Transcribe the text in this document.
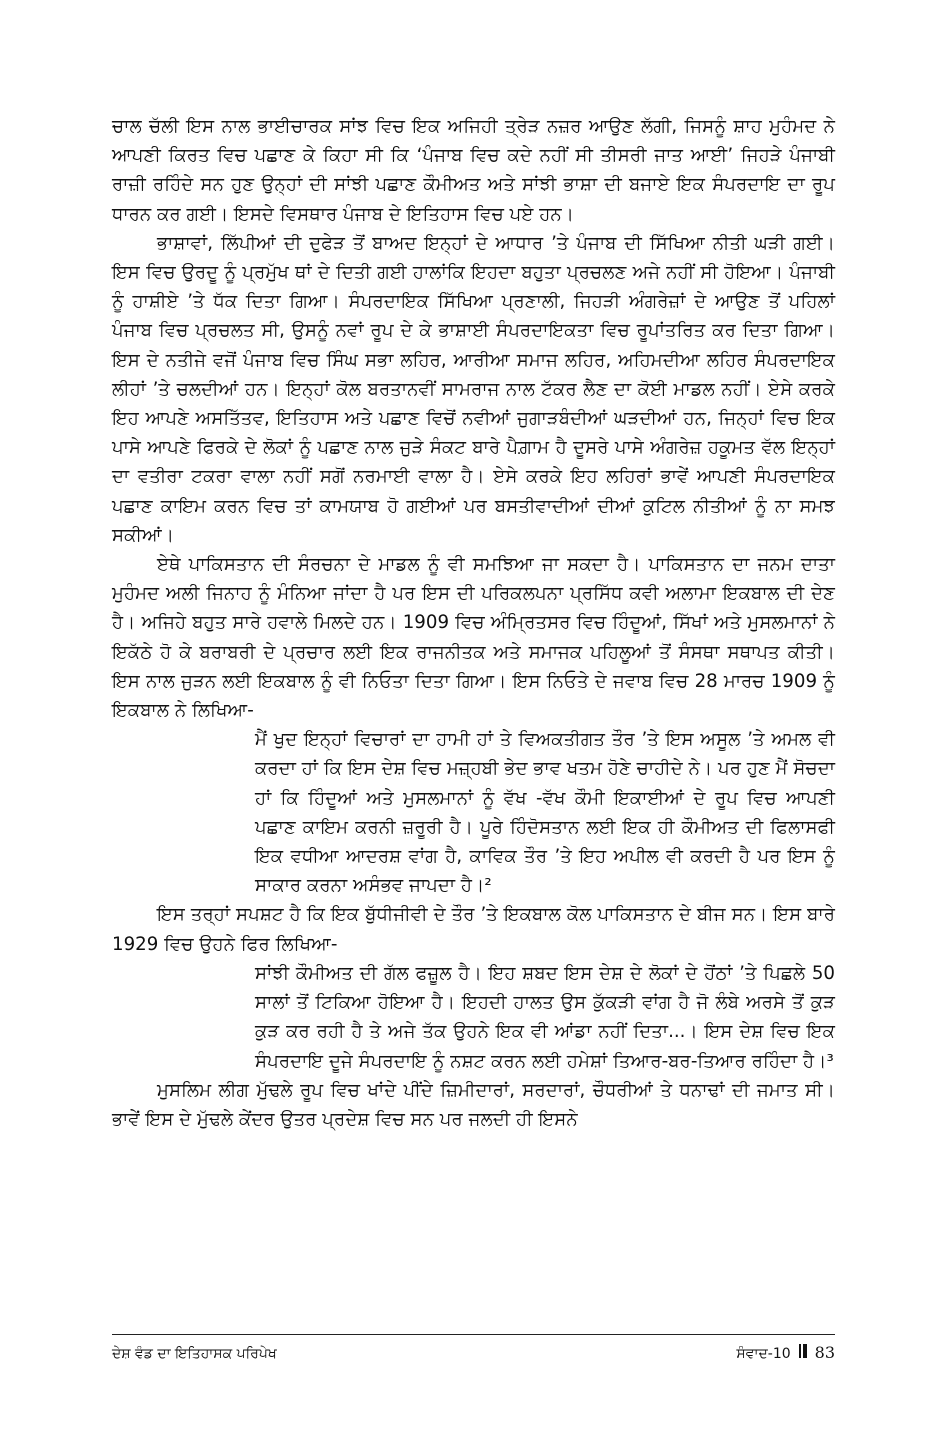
ਚਾਲ ਚੱਲੀ ਇਸ ਨਾਲ ਭਾਈਚਾਰਕ ਸਾਂਝ ਵਿਚ ਇਕ ਅਜਿਹੀ ਤ੍ਰੇੜ ਨਜ਼ਰ ਆਉਣ ਲੱਗੀ, ਜਿਸਨੂੰ ਸ਼ਾਹ ਮੁਹੰਮਦ ਨੇ ਆਪਣੀ ਕਿਰਤ ਵਿਚ ਪਛਾਣ ਕੇ ਕਿਹਾ ਸੀ ਕਿ ‘ਪੰਜਾਬ ਵਿਚ ਕਦੇ ਨਹੀਂ ਸੀ ਤੀਸਰੀ ਜਾਤ ਆਈ’ ਜਿਹੜੇ ਪੰਜਾਬੀ ਰਾਜ਼ੀ ਰਹਿੰਦੇ ਸਨ ਹੁਣ ਉਨ੍ਹਾਂ ਦੀ ਸਾਂਝੀ ਪਛਾਣ ਕੌਮੀਅਤ ਅਤੇ ਸਾਂਝੀ ਭਾਸ਼ਾ ਦੀ ਬਜਾਏ ਇਕ ਸੰਪਰਦਾਇ ਦਾ ਰੂਪ ਧਾਰਨ ਕਰ ਗਈ। ਇਸਦੇ ਵਿਸਥਾਰ ਪੰਜਾਬ ਦੇ ਇਤਿਹਾਸ ਵਿਚ ਪਏ ਹਨ।

ਭਾਸ਼ਾਵਾਂ, ਲਿੱਪੀਆਂ ਦੀ ਦੁਫੇੜ ਤੋਂ ਬਾਅਦ ਇਨ੍ਹਾਂ ਦੇ ਆਧਾਰ ’ਤੇ ਪੰਜਾਬ ਦੀ ਸਿੱਖਿਆ ਨੀਤੀ ਘੜੀ ਗਈ। ਇਸ ਵਿਚ ਉਰਦੂ ਨੂੰ ਪ੍ਰਮੁੱਖ ਥਾਂ ਦੇ ਦਿਤੀ ਗਈ ਹਾਲਾਂਕਿ ਇਹਦਾ ਬਹੁਤਾ ਪ੍ਰਚਲਣ ਅਜੇ ਨਹੀਂ ਸੀ ਹੋਇਆ। ਪੰਜਾਬੀ ਨੂੰ ਹਾਸ਼ੀਏ ’ਤੇ ਧੱਕ ਦਿਤਾ ਗਿਆ। ਸੰਪਰਦਾਇਕ ਸਿੱਖਿਆ ਪ੍ਰਣਾਲੀ, ਜਿਹੜੀ ਅੰਗਰੇਜ਼ਾਂ ਦੇ ਆਉਣ ਤੋਂ ਪਹਿਲਾਂ ਪੰਜਾਬ ਵਿਚ ਪ੍ਰਚਲਤ ਸੀ, ਉਸਨੂੰ ਨਵਾਂ ਰੂਪ ਦੇ ਕੇ ਭਾਸ਼ਾਈ ਸੰਪਰਦਾਇਕਤਾ ਵਿਚ ਰੂਪਾਂਤਰਿਤ ਕਰ ਦਿਤਾ ਗਿਆ। ਇਸ ਦੇ ਨਤੀਜੇ ਵਜੋਂ ਪੰਜਾਬ ਵਿਚ ਸਿੰਘ ਸਭਾ ਲਹਿਰ, ਆਰੀਆ ਸਮਾਜ ਲਹਿਰ, ਅਹਿਮਦੀਆ ਲਹਿਰ ਸੰਪਰਦਾਇਕ ਲੀਹਾਂ ’ਤੇ ਚਲਦੀਆਂ ਹਨ। ਇਨ੍ਹਾਂ ਕੋਲ ਬਰਤਾਨਵੀਂ ਸਾਮਰਾਜ ਨਾਲ ਟੱਕਰ ਲੈਣ ਦਾ ਕੋਈ ਮਾਡਲ ਨਹੀਂ। ਏਸੇ ਕਰਕੇ ਇਹ ਆਪਣੇ ਅਸਤਿੱਤਵ, ਇਤਿਹਾਸ ਅਤੇ ਪਛਾਣ ਵਿਚੋਂ ਨਵੀਆਂ ਜੁਗਾੜਬੰਦੀਆਂ ਘੜਦੀਆਂ ਹਨ, ਜਿਨ੍ਹਾਂ ਵਿਚ ਇਕ ਪਾਸੇ ਆਪਣੇ ਫਿਰਕੇ ਦੇ ਲੋਕਾਂ ਨੂੰ ਪਛਾਣ ਨਾਲ ਜੁੜੇ ਸੰਕਟ ਬਾਰੇ ਪੈਗ਼ਾਮ ਹੈ ਦੂਸਰੇ ਪਾਸੇ ਅੰਗਰੇਜ਼ ਹਕੂਮਤ ਵੱਲ ਇਨ੍ਹਾਂ ਦਾ ਵਤੀਰਾ ਟਕਰਾ ਵਾਲਾ ਨਹੀਂ ਸਗੋਂ ਨਰਮਾਈ ਵਾਲਾ ਹੈ। ਏਸੇ ਕਰਕੇ ਇਹ ਲਹਿਰਾਂ ਭਾਵੇਂ ਆਪਣੀ ਸੰਪਰਦਾਇਕ ਪਛਾਣ ਕਾਇਮ ਕਰਨ ਵਿਚ ਤਾਂ ਕਾਮਯਾਬ ਹੋ ਗਈਆਂ ਪਰ ਬਸਤੀਵਾਦੀਆਂ ਦੀਆਂ ਕੁਟਿਲ ਨੀਤੀਆਂ ਨੂੰ ਨਾ ਸਮਝ ਸਕੀਆਂ।

ਏਥੇ ਪਾਕਿਸਤਾਨ ਦੀ ਸੰਰਚਨਾ ਦੇ ਮਾਡਲ ਨੂੰ ਵੀ ਸਮਝਿਆ ਜਾ ਸਕਦਾ ਹੈ। ਪਾਕਿਸਤਾਨ ਦਾ ਜਨਮ ਦਾਤਾ ਮੁਹੰਮਦ ਅਲੀ ਜਿਨਾਹ ਨੂੰ ਮੰਨਿਆ ਜਾਂਦਾ ਹੈ ਪਰ ਇਸ ਦੀ ਪਰਿਕਲਪਨਾ ਪ੍ਰਸਿੱਧ ਕਵੀ ਅਲਾਮਾ ਇਕਬਾਲ ਦੀ ਦੇਣ ਹੈ। ਅਜਿਹੇ ਬਹੁਤ ਸਾਰੇ ਹਵਾਲੇ ਮਿਲਦੇ ਹਨ। 1909 ਵਿਚ ਅੰਮ੍ਰਿਤਸਰ ਵਿਚ ਹਿੰਦੂਆਂ, ਸਿੱਖਾਂ ਅਤੇ ਮੁਸਲਮਾਨਾਂ ਨੇ ਇਕੱਠੇ ਹੋ ਕੇ ਬਰਾਬਰੀ ਦੇ ਪ੍ਰਚਾਰ ਲਈ ਇਕ ਰਾਜਨੀਤਕ ਅਤੇ ਸਮਾਜਕ ਪਹਿਲੂਆਂ ਤੋਂ ਸੰਸਥਾ ਸਥਾਪਤ ਕੀਤੀ। ਇਸ ਨਾਲ ਜੁੜਨ ਲਈ ਇਕਬਾਲ ਨੂੰ ਵੀ ਨਿਓਤਾ ਦਿਤਾ ਗਿਆ। ਇਸ ਨਿਓਤੇ ਦੇ ਜਵਾਬ ਵਿਚ 28 ਮਾਰਚ 1909 ਨੂੰ ਇਕਬਾਲ ਨੇ ਲਿਖਿਆ-

ਮੈਂ ਖੁਦ ਇਨ੍ਹਾਂ ਵਿਚਾਰਾਂ ਦਾ ਹਾਮੀ ਹਾਂ ਤੇ ਵਿਅਕਤੀਗਤ ਤੌਰ ’ਤੇ ਇਸ ਅਸੂਲ ’ਤੇ ਅਮਲ ਵੀ ਕਰਦਾ ਹਾਂ ਕਿ ਇਸ ਦੇਸ਼ ਵਿਚ ਮਜ਼੍ਹਬੀ ਭੇਦ ਭਾਵ ਖਤਮ ਹੋਣੇ ਚਾਹੀਦੇ ਨੇ। ਪਰ ਹੁਣ ਮੈਂ ਸੋਚਦਾ ਹਾਂ ਕਿ ਹਿੰਦੂਆਂ ਅਤੇ ਮੁਸਲਮਾਨਾਂ ਨੂੰ ਵੱਖ -ਵੱਖ ਕੌਮੀ ਇਕਾਈਆਂ ਦੇ ਰੂਪ ਵਿਚ ਆਪਣੀ ਪਛਾਣ ਕਾਇਮ ਕਰਨੀ ਜ਼ਰੂਰੀ ਹੈ। ਪੂਰੇ ਹਿੰਦੋਸਤਾਨ ਲਈ ਇਕ ਹੀ ਕੌਮੀਅਤ ਦੀ ਫਿਲਾਸਫੀ ਇਕ ਵਧੀਆ ਆਦਰਸ਼ ਵਾਂਗ ਹੈ, ਕਾਵਿਕ ਤੌਰ ’ਤੇ ਇਹ ਅਪੀਲ ਵੀ ਕਰਦੀ ਹੈ ਪਰ ਇਸ ਨੂੰ ਸਾਕਾਰ ਕਰਨਾ ਅਸੰਭਵ ਜਾਪਦਾ ਹੈ।²

ਇਸ ਤਰ੍ਹਾਂ ਸਪਸ਼ਟ ਹੈ ਕਿ ਇਕ ਬੁੱਧੀਜੀਵੀ ਦੇ ਤੌਰ ’ਤੇ ਇਕਬਾਲ ਕੋਲ ਪਾਕਿਸਤਾਨ ਦੇ ਬੀਜ ਸਨ। ਇਸ ਬਾਰੇ 1929 ਵਿਚ ਉਹਨੇ ਫਿਰ ਲਿਖਿਆ-

ਸਾਂਝੀ ਕੌਮੀਅਤ ਦੀ ਗੱਲ ਫਜ਼ੂਲ ਹੈ। ਇਹ ਸ਼ਬਦ ਇਸ ਦੇਸ਼ ਦੇ ਲੋਕਾਂ ਦੇ ਹੋਂਠਾਂ ’ਤੇ ਪਿਛਲੇ 50 ਸਾਲਾਂ ਤੋਂ ਟਿਕਿਆ ਹੋਇਆ ਹੈ। ਇਹਦੀ ਹਾਲਤ ਉਸ ਕੁੱਕੜੀ ਵਾਂਗ ਹੈ ਜੋ ਲੰਬੇ ਅਰਸੇ ਤੋਂ ਕੁੜ ਕੁੜ ਕਰ ਰਹੀ ਹੈ ਤੇ ਅਜੇ ਤੱਕ ਉਹਨੇ ਇਕ ਵੀ ਆਂਡਾ ਨਹੀਂ ਦਿਤਾ...। ਇਸ ਦੇਸ਼ ਵਿਚ ਇਕ ਸੰਪਰਦਾਇ ਦੂਜੇ ਸੰਪਰਦਾਇ ਨੂੰ ਨਸ਼ਟ ਕਰਨ ਲਈ ਹਮੇਸ਼ਾਂ ਤਿਆਰ-ਬਰ-ਤਿਆਰ ਰਹਿੰਦਾ ਹੈ।³

ਮੁਸਲਿਮ ਲੀਗ ਮੁੱਢਲੇ ਰੂਪ ਵਿਚ ਖਾਂਦੇ ਪੀਂਦੇ ਜ਼ਿਮੀਦਾਰਾਂ, ਸਰਦਾਰਾਂ, ਚੌਧਰੀਆਂ ਤੇ ਧਨਾਢਾਂ ਦੀ ਜਮਾਤ ਸੀ। ਭਾਵੇਂ ਇਸ ਦੇ ਮੁੱਢਲੇ ਕੇਂਦਰ ਉਤਰ ਪ੍ਰਦੇਸ਼ ਵਿਚ ਸਨ ਪਰ ਜਲਦੀ ਹੀ ਇਸਨੇ

ਦੇਸ਼ ਵੰਡ ਦਾ ਇਤਿਹਾਸਕ ਪਰਿਪੇਖ	ਸੰਵਾਦ-10 83
